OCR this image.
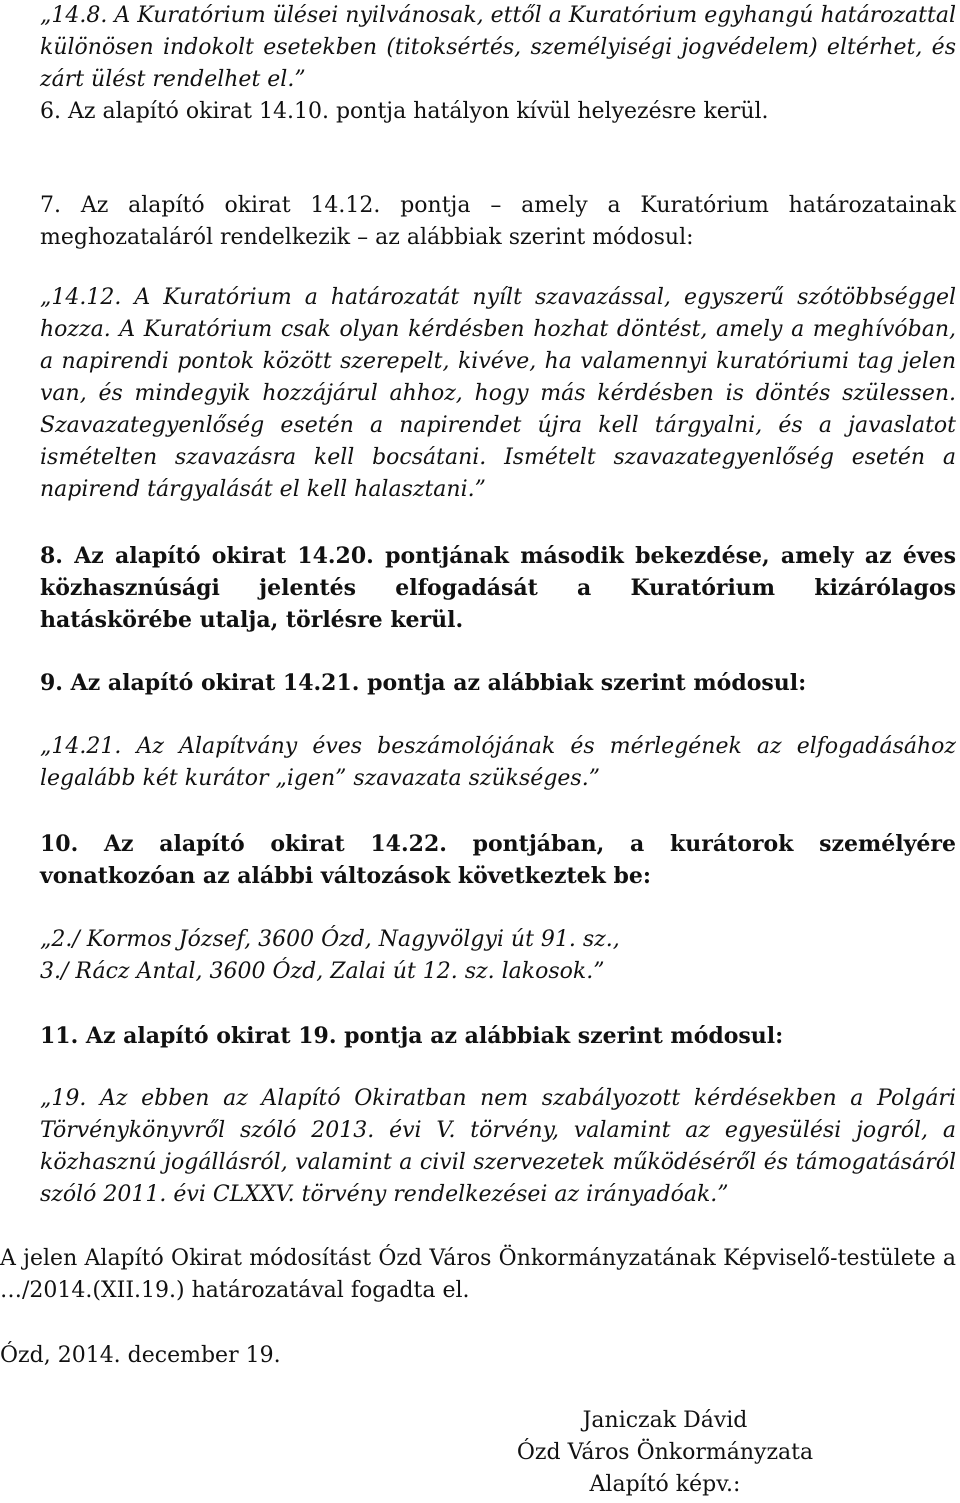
„14.8. A Kuratórium ülései nyilvánosak, ettől a Kuratórium egyhangú határozattal különösen indokolt esetekben (titoksértés, személyiségi jogvédelem) eltérhet, és zárt ülést rendelhet el.”

6. Az alapító okirat 14.10. pontja hatályon kívül helyezésre kerül.

7. Az alapító okirat 14.12. pontja – amely a Kuratórium határozatainak meghozataláról rendelkezik – az alábbiak szerint módosul:

„14.12. A Kuratórium a határozatát nyílt szavazással, egyszerű szótöbbséggel hozza. A Kuratórium csak olyan kérdésben hozhat döntést, amely a meghívóban, a napirendi pontok között szerepelt, kivéve, ha valamennyi kuratóriumi tag jelen van, és mindegyik hozzájárul ahhoz, hogy más kérdésben is döntés szülessen. Szavazategyenlőség esetén a napirendet újra kell tárgyalni, és a javaslatot ismételten szavazásra kell bocsátani. Ismételt szavazategyenlőség esetén a napirend tárgyalását el kell halasztani.”

8. Az alapító okirat 14.20. pontjának második bekezdése, amely az éves közhasznúsági jelentés elfogadását a Kuratórium kizárólagos hatáskörébe utalja, törlésre kerül.

9. Az alapító okirat 14.21. pontja az alábbiak szerint módosul:

„14.21. Az Alapítvány éves beszámolójának és mérlegének az elfogadásához legalább két kurátor „igen” szavazata szükséges.”

10. Az alapító okirat 14.22. pontjában, a kurátorok személyére vonatkozóan az alábbi változások következtek be:

„2./ Kormos József, 3600 Ózd, Nagyvölgyi út 91. sz.,

3./ Rácz Antal, 3600 Ózd, Zalai út 12. sz. lakosok.”

11. Az alapító okirat 19. pontja az alábbiak szerint módosul:

„19. Az ebben az Alapító Okiratban nem szabályozott kérdésekben a Polgári Törvénykönyvről szóló 2013. évi V. törvény, valamint az egyesülési jogról, a közhasznú jogállásról, valamint a civil szervezetek működéséről és támogatásáról szóló 2011. évi CLXXV. törvény rendelkezései az irányadóak.”

A jelen Alapító Okirat módosítást Ózd Város Önkormányzatának Képviselő-testülete a …/2014.(XII.19.) határozatával fogadta el.

Ózd, 2014. december 19.

Janiczak Dávid
Ózd Város Önkormányzata
Alapító képv.:
